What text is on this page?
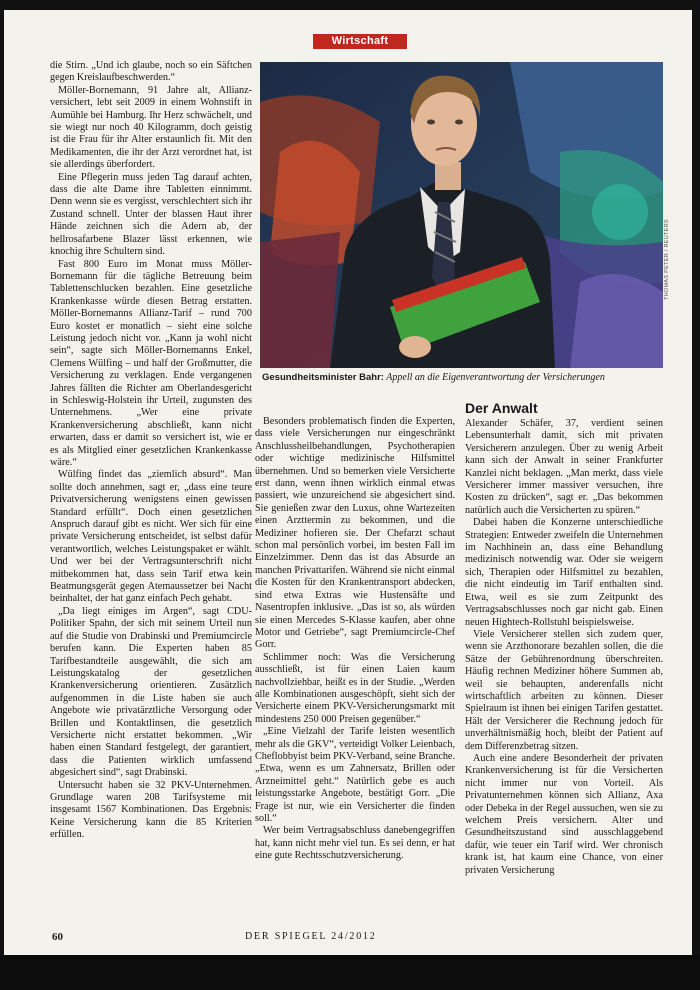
Wirtschaft

die Stirn. „Und ich glaube, noch so ein Säftchen gegen Kreislaufbeschwerden.“

Möller-Bornemann, 91 Jahre alt, Allianz-versichert, lebt seit 2009 in einem Wohnstift in Aumühle bei Hamburg. Ihr Herz schwächelt, und sie wiegt nur noch 40 Kilogramm, doch geistig ist die Frau für ihr Alter erstaunlich fit. Mit den Medikamenten, die ihr der Arzt verordnet hat, ist sie allerdings überfordert.

Eine Pflegerin muss jeden Tag darauf achten, dass die alte Dame ihre Tabletten einnimmt. Denn wenn sie es vergisst, verschlechtert sich ihr Zustand schnell. Unter der blassen Haut ihrer Hände zeichnen sich die Adern ab, der hellrosafarbene Blazer lässt erkennen, wie knochig ihre Schultern sind.

Fast 800 Euro im Monat muss Möller-Bornemann für die tägliche Betreuung beim Tablettenschlucken bezahlen. Eine gesetzliche Krankenkasse würde diesen Betrag erstatten. Möller-Bornemanns Allianz-Tarif – rund 700 Euro kostet er monatlich – sieht eine solche Leistung jedoch nicht vor. „Kann ja wohl nicht sein“, sagte sich Möller-Bornemanns Enkel, Clemens Wülfing – und half der Großmutter, die Versicherung zu verklagen. Ende vergangenen Jahres fällten die Richter am Oberlandesgericht in Schleswig-Holstein ihr Urteil, zugunsten des Unternehmens. „Wer eine private Krankenversicherung abschließt, kann nicht erwarten, dass er damit so versichert ist, wie er es als Mitglied einer gesetzlichen Krankenkasse wäre.“

Wülfing findet das „ziemlich absurd“. Man sollte doch annehmen, sagt er, „dass eine teure Privatversicherung wenigstens einen gewissen Standard erfüllt“. Doch einen gesetzlichen Anspruch darauf gibt es nicht. Wer sich für eine private Versicherung entscheidet, ist selbst dafür verantwortlich, welches Leistungspaket er wählt. Und wer bei der Vertragsunterschrift nicht mitbekommen hat, dass sein Tarif etwa kein Beatmungsgerät gegen Atemaussetzer bei Nacht beinhaltet, der hat ganz einfach Pech gehabt.

„Da liegt einiges im Argen“, sagt CDU-Politiker Spahn, der sich mit seinem Urteil nun auf die Studie von Drabinski und Premiumcircle berufen kann. Die Experten haben 85 Tarifbestandteile ausgewählt, die sich am Leistungskatalog der gesetzlichen Krankenversicherung orientieren. Zusätzlich aufgenommen in die Liste haben sie auch Angebote wie privatärztliche Versorgung oder Brillen und Kontaktlinsen, die gesetzlich Versicherte nicht erstattet bekommen. „Wir haben einen Standard festgelegt, der garantiert, dass die Patienten wirklich umfassend abgesichert sind“, sagt Drabinski.

Untersucht haben sie 32 PKV-Unternehmen. Grundlage waren 208 Tarifsysteme mit insgesamt 1567 Kombinationen. Das Ergebnis: Keine Versicherung kann die 85 Kriterien erfüllen.

THOMAS PETER / REUTERS
Gesundheitsminister Bahr: Appell an die Eigenverantwortung der Versicherungen

Besonders problematisch finden die Experten, dass viele Versicherungen nur eingeschränkt Anschlussheilbehandlungen, Psychotherapien oder wichtige medizinische Hilfsmittel übernehmen. Und so bemerken viele Versicherte erst dann, wenn ihnen wirklich einmal etwas passiert, wie unzureichend sie abgesichert sind. Sie genießen zwar den Luxus, ohne Wartezeiten einen Arzttermin zu bekommen, und die Mediziner hofieren sie. Der Chefarzt schaut schon mal persönlich vorbei, im besten Fall im Einzelzimmer. Denn das ist das Absurde an manchen Privattarifen. Während sie nicht einmal die Kosten für den Krankentransport abdecken, sind etwa Extras wie Hustensäfte und Nasentropfen inklusive. „Das ist so, als würden sie einen Mercedes S-Klasse kaufen, aber ohne Motor und Getriebe“, sagt Premiumcircle-Chef Gorr.

Schlimmer noch: Was die Versicherung ausschließt, ist für einen Laien kaum nachvollziehbar, heißt es in der Studie. „Werden alle Kombinationen ausgeschöpft, sieht sich der Versicherte einem PKV-Versicherungsmarkt mit mindestens 250 000 Preisen gegenüber.“

„Eine Vielzahl der Tarife leisten wesentlich mehr als die GKV“, verteidigt Volker Leienbach, Cheflobbyist beim PKV-Verband, seine Branche. „Etwa, wenn es um Zahnersatz, Brillen oder Arzneimittel geht.“ Natürlich gebe es auch leistungsstarke Angebote, bestätigt Gorr. „Die Frage ist nur, wie ein Versicherter die finden soll.“

Wer beim Vertragsabschluss danebengegriffen hat, kann nicht mehr viel tun. Es sei denn, er hat eine gute Rechtsschutzversicherung.

Der Anwalt

Alexander Schäfer, 37, verdient seinen Lebensunterhalt damit, sich mit privaten Versicherern anzulegen. Über zu wenig Arbeit kann sich der Anwalt in seiner Frankfurter Kanzlei nicht beklagen. „Man merkt, dass viele Versicherer immer massiver versuchen, ihre Kosten zu drücken“, sagt er. „Das bekommen natürlich auch die Versicherten zu spüren.“

Dabei haben die Konzerne unterschiedliche Strategien: Entweder zweifeln die Unternehmen im Nachhinein an, dass eine Behandlung medizinisch notwendig war. Oder sie weigern sich, Therapien oder Hilfsmittel zu bezahlen, die nicht eindeutig im Tarif enthalten sind. Etwa, weil es sie zum Zeitpunkt des Vertragsabschlusses noch gar nicht gab. Einen neuen Hightech-Rollstuhl beispielsweise.

Viele Versicherer stellen sich zudem quer, wenn sie Arzthonorare bezahlen sollen, die die Sätze der Gebührenordnung überschreiten. Häufig rechnen Mediziner höhere Summen ab, weil sie behaupten, anderenfalls nicht wirtschaftlich arbeiten zu können. Dieser Spielraum ist ihnen bei einigen Tarifen gestattet. Hält der Versicherer die Rechnung jedoch für unverhältnismäßig hoch, bleibt der Patient auf dem Differenzbetrag sitzen.

Auch eine andere Besonderheit der privaten Krankenversicherung ist für die Versicherten nicht immer nur von Vorteil. Als Privatunternehmen können sich Allianz, Axa oder Debeka in der Regel aussuchen, wen sie zu welchem Preis versichern. Alter und Gesundheitszustand sind ausschlaggebend dafür, wie teuer ein Tarif wird. Wer chronisch krank ist, hat kaum eine Chance, von einer privaten Versicherung

60	DER SPIEGEL 24/2012
